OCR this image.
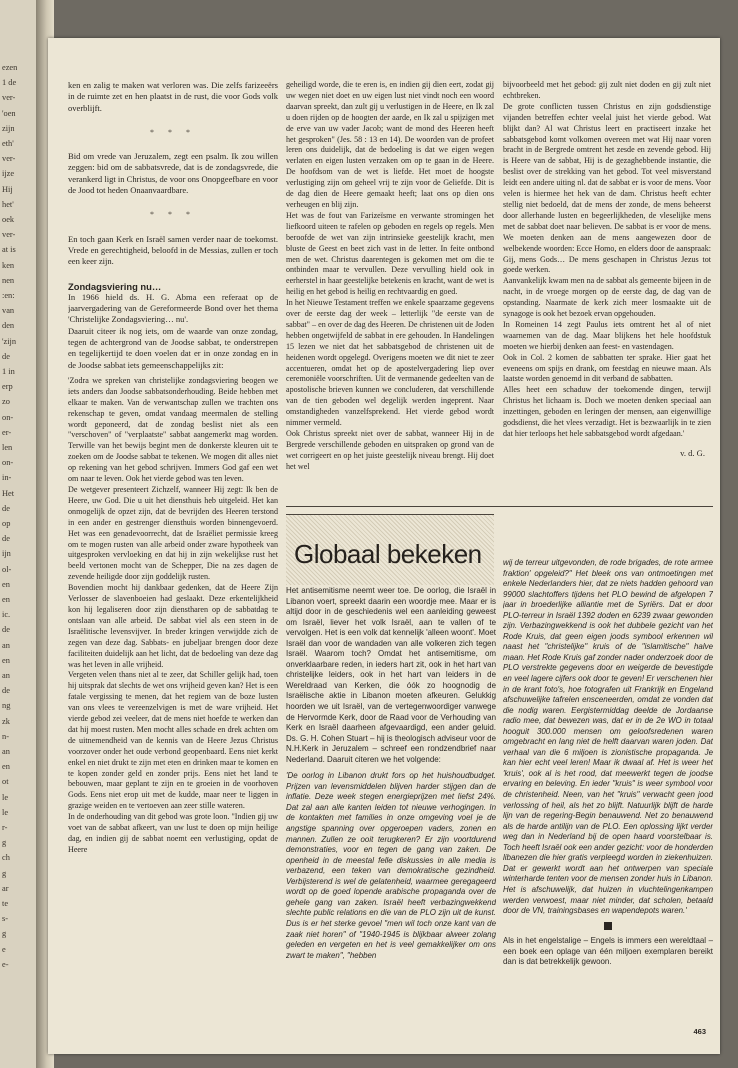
ezen
1 de
ver-
'oen
zijn
eth'
ver-
ijze
Hij
het'
oek
ver-
at is
ken
nen
:en:
van
den
'zijn
de
1 in
erp
zo
on-
er-
len
on-
in-
Het
de
op
de
ijn
ol-
en
en
ic.
de
an
en
an
de
ng
zk
n-
an
en
ot
le
le
r-
g
ch
g
ar
te
s-
g
e
e-

ken en zalig te maken wat verloren was. Die zelfs farizeeërs in de ruimte zet en hen plaatst in de rust, die voor Gods volk overblijft.

* * *

Bid om vrede van Jeruzalem, zegt een psalm. Ik zou willen zeggen: bid om de sabbatsvrede, dat is de zondagsvrede, die verankerd ligt in Christus, de voor ons Onopgeefbare en voor de Jood tot heden Onaanvaardbare.

* * *

En toch gaan Kerk en Israël samen verder naar de toekomst. Vrede en gerechtigheid, beloofd in de Messias, zullen er toch een keer zijn.

Zondagsviering nu…

In 1966 hield ds. H. G. Abma een referaat op de jaarvergadering van de Gereformeerde Bond over het thema 'Christelijke Zondagsviering… nu'.

Daaruit citeer ik nog iets, om de waarde van onze zondag, tegen de achtergrond van de Joodse sabbat, te onderstrepen en tegelijkertijd te doen voelen dat er in onze zondag en in de Joodse sabbat iets gemeenschappelijks zit:

'Zodra we spreken van christelijke zondagsviering beogen we iets anders dan Joodse sabbatsonderhouding. Beide hebben met elkaar te maken. Van de verwantschap zullen we trachten ons rekenschap te geven, omdat vandaag meermalen de stelling wordt geponeerd, dat de zondag beslist niet als een "verschoven" of "verplaatste" sabbat aangemerkt mag worden. Terwille van het bewijs begint men de donkerste kleuren uit te zoeken om de Joodse sabbat te tekenen. We mogen dit alles niet op rekening van het gebod schrijven. Immers God gaf een wet om naar te leven. Ook het vierde gebod was ten leven.

De wetgever presenteert Zichzelf, wanneer Hij zegt: Ik ben de Heere, uw God. Die u uit het diensthuis heb uitgeleid. Het kan onmogelijk de opzet zijn, dat de bevrijden des Heeren terstond in een ander en gestrenger diensthuis worden binnengevoerd. Het was een genadevoorrecht, dat de Israëliet permissie kreeg om te mogen rusten van alle arbeid onder zware hypotheek van uitgesproken vervloeking en dat hij in zijn wekelijkse rust het beeld vertonen mocht van de Schepper, Die na zes dagen de zevende heiligde door zijn goddelijk rusten.

Bovendien mocht hij dankbaar gedenken, dat de Heere Zijn Verlosser de slavenboeien had geslaakt. Deze erkentelijkheid kon hij legaliseren door zijn dienstharen op de sabbatdag te ontslaan van alle arbeid. De sabbat viel als een steen in de Israëlitische levensvijver. In breder kringen verwijdde zich de zegen van deze dag. Sabbats- en jubeljaar brengen door deze faciliteiten duidelijk aan het licht, dat de bedoeling van deze dag was het leven in alle vrijheid.

Vergeten velen thans niet al te zeer, dat Schiller gelijk had, toen hij uitsprak dat slechts de wet ons vrijheid geven kan? Het is een fatale vergissing te menen, dat het regiem van de boze lusten van ons vlees te vereenzelvigen is met de ware vrijheid. Het vierde gebod zei veeleer, dat de mens niet hoefde te werken dan dat hij moest rusten. Men mocht alles schade en drek achten om de uitnemendheid van de kennis van de Heere Jezus Christus voorzover onder het oude verbond geopenbaard. Eens niet kerkt enkel en niet drukt te zijn met eten en drinken maar te komen en te kopen zonder geld en zonder prijs. Eens niet het land te bebouwen, maar geplant te zijn en te groeien in de voorhoven Gods. Eens niet erop uit met de kudde, maar neer te liggen in grazige weiden en te vertoeven aan zeer stille wateren.

In de onderhouding van dit gebod was grote loon. "Indien gij uw voet van de sabbat afkeert, van uw lust te doen op mijn heilige dag, en indien gij de sabbat noemt een verlustiging, opdat de Heere

geheiligd worde, die te eren is, en indien gij dien eert, zodat gij uw wegen niet doet en uw eigen lust niet vindt noch een woord daarvan spreekt, dan zult gij u verlustigen in de Heere, en Ik zal u doen rijden op de hoogten der aarde, en Ik zal u spijzigen met de erve van uw vader Jacob; want de mond des Heeren heeft het gesproken" (Jes. 58 : 13 en 14). De woorden van de profeet leren ons duidelijk, dat de bedoeling is dat we eigen wegen verlaten en eigen lusten verzaken om op te gaan in de Heere. De hoofdsom van de wet is liefde. Het moet de hoogste verlustiging zijn om geheel vrij te zijn voor de Geliefde. Dit is de dag dien de Heere gemaakt heeft; laat ons op dien ons verheugen en blij zijn.

Het was de fout van Farizeïsme en verwante stromingen het liefkoord uiteen te rafelen op geboden en regels op regels. Men beroofde de wet van zijn intrinsieke geestelijk kracht, men bluste de Geest en beet zich vast in de letter. In feite ontbond men de wet. Christus daarentegen is gekomen met om die te ontbinden maar te vervullen. Deze vervulling hield ook in eerherstel in haar geestelijke betekenis en kracht, want de wet is heilig en het gebod is heilig en rechtvaardig en goed.

In het Nieuwe Testament treffen we enkele spaarzame gegevens over de eerste dag der week – letterlijk "de eerste van de sabbat" – en over de dag des Heeren. De christenen uit de Joden hebben ongetwijfeld de sabbat in ere gehouden. In Handelingen 15 lezen we niet dat het sabbatsgebod de christenen uit de heidenen wordt opgelegd. Overigens moeten we dit niet te zeer accentueren, omdat het op de apostelvergadering liep over ceremoniële voorschriften. Uit de vermanende gedeelten van de apostolische brieven kunnen we concluderen, dat verschillende van de tien geboden wel degelijk werden ingeprent. Naar omstandigheden vanzelfsprekend. Het vierde gebod wordt nimmer vermeld.

Ook Christus spreekt niet over de sabbat, wanneer Hij in de Bergrede verschillende geboden en uitspraken op grond van de wet corrigeert en op het juiste geestelijk niveau brengt. Hij doet het wel

bijvoorbeeld met het gebod: gij zult niet doden en gij zult niet echtbreken.

De grote conflicten tussen Christus en zijn godsdienstige vijanden betreffen echter veelal juist het vierde gebod. Wat blijkt dan? Al wat Christus leert en practiseert inzake het sabbatsgebod komt volkomen overeen met wat Hij naar voren bracht in de Bergrede omtrent het zesde en zevende gebod. Hij is Heere van de sabbat, Hij is de gezaghebbende instantie, die beslist over de strekking van het gebod. Tot veel misverstand leidt een andere uiting nl. dat de sabbat er is voor de mens. Voor velen is hiermee het hek van de dam. Christus heeft echter stellig niet bedoeld, dat de mens der zonde, de mens beheerst door allerhande lusten en begeerlijkheden, de vleselijke mens met de sabbat doet naar believen. De sabbat is er voor de mens. We moeten denken aan de mens aangewezen door de welbekende woorden: Ecce Homo, en elders door de aanspraak: Gij, mens Gods… De mens geschapen in Christus Jezus tot goede werken.

Aanvankelijk kwam men na de sabbat als gemeente bijeen in de nacht, in de vroege morgen op de eerste dag, de dag van de opstanding. Naarmate de kerk zich meer losmaakte uit de synagoge is ook het bezoek ervan opgehouden.

In Romeinen 14 zegt Paulus iets omtrent het al of niet waarnemen van de dag. Maar blijkens het hele hoofdstuk moeten we hierbij denken aan feest- en vastendagen.

Ook in Col. 2 komen de sabbatten ter sprake. Hier gaat het eveneens om spijs en drank, om feestdag en nieuwe maan. Als laatste worden genoemd in dit verband de sabbatten.

Alles heet een schaduw der toekomende dingen, terwijl Christus het lichaam is. Doch we moeten denken speciaal aan inzettingen, geboden en leringen der mensen, aan eigenwillige godsdienst, die het vlees verzadigt. Het is bezwaarlijk in te zien dat hier terloops het hele sabbatsgebod wordt afgedaan.'

v. d. G.
Globaal bekeken

Het antisemitisme neemt weer toe. De oorlog, die Israël in Libanon voert, spreekt daarin een woordje mee. Maar er is altijd door in de geschiedenis wel een aanleiding geweest om Israël, liever het volk Israël, aan te vallen of te vervolgen. Het is een volk dat kennelijk 'alleen woont'. Moet Israël dan voor de wandaden van alle volkeren zich tegen Israël. Waarom toch? Omdat het antisemitisme, om onverklaarbare reden, in ieders hart zit, ook in het hart van christelijke leiders, ook in het hart van leiders in de Wereldraad van Kerken, die óók zo hoognodig de Israëlische aktie in Libanon moeten afkeuren. Gelukkig hoorden we uit Israël, van de vertegenwoordiger vanwege de Hervormde Kerk, door de Raad voor de Verhouding van Kerk en Israël daarheen afgevaardigd, een ander geluid. Ds. G. H. Cohen Stuart – hij is theologisch adviseur voor de N.H.Kerk in Jeruzalem – schreef een rondzendbrief naar Nederland. Daaruit citeren we het volgende:

'De oorlog in Libanon drukt fors op het huishoudbudget. Prijzen van levensmiddelen blijven harder stijgen dan de inflatie. Deze week stegen energieprijzen met liefst 24%. Dat zal aan alle kanten leiden tot nieuwe verhogingen. In de kontakten met families in onze omgeving voel je de angstige spanning over opgeroepen vaders, zonen en mannen. Zullen ze ooit terugkeren? Er zijn voortdurend demonstraties, voor en tegen de gang van zaken. De openheid in de meestal felle diskussies in alle media is verbazend, een teken van demokratische gezindheid. Verbijsterend is wel de gelatenheid, waarmee geregageerd wordt op de goed lopende arabische propaganda over de gehele gang van zaken. Israël heeft verbazingwekkend slechte public relations en die van de PLO zijn uit de kunst. Dus is er het sterke gevoel "men wil toch onze kant van de zaak niet horen" of "1940-1945 is blijkbaar alweer zolang geleden en vergeten en het is veel gemakkelijker om ons zwart te maken", "hebben

wij de terreur uitgevonden, de rode brigades, de rote armee fraktion' opgeleid?" Het bleek ons van ontmoetingen met enkele Nederlanders hier, dat ze niets hadden gehoord van 99000 slachtoffers tijdens het PLO bewind de afgelopen 7 jaar in broederlijke alliantie met de Syriërs. Dat er door PLO-terreur in Israël 1392 doden en 6239 zwaar gewonden zijn. Verbazingwekkend is ook het dubbele gezicht van het Rode Kruis, dat geen eigen joods symbool erkennen wil naast het "christelijke" kruis of de "islamitische" halve maan. Het Rode Kruis gaf zonder nader onderzoek door de PLO verstrekte gegevens door en weigerde de bevestigde en veel lagere cijfers ook door te geven! Er verschenen hier in de krant foto's, hoe fotografen uit Frankrijk en Engeland afschuwelijke tafrelen ensceneerden, omdat ze vonden dat die nodig waren. Eergistermiddag deelde de Jordaanse radio mee, dat bewezen was, dat er in de 2e WO in totaal hooguit 300.000 mensen om geloofsredenen waren omgebracht en lang niet de helft daarvan waren joden. Dat verhaal van die 6 miljoen is zionistische propaganda. Je kan hier echt veel leren! Maar ik dwaal af. Het is weer het 'kruis', ook al is het rood, dat meewerkt tegen de joodse ervaring en beleving. En ieder "kruis" is weer symbool voor de christenheid. Neen, van het "kruis" verwacht geen jood verlossing of heil, als het zo blijft. Natuurlijk blijft de harde lijn van de regering-Begin benauwend. Net zo benauwend als de harde antilijn van de PLO. Een oplossing lijkt verder weg dan in Nederland bij de open haard voorstelbaar is. Toch heeft Israël ook een ander gezicht: voor de honderden libanezen die hier gratis verpleegd worden in ziekenhuizen. Dat er gewerkt wordt aan het ontwerpen van speciale winterharde tenten voor de mensen zonder huis in Libanon. Het is afschuwelijk, dat huizen in vluchtelingenkampen werden verwoest, maar niet minder, dat scholen, betaald door de VN, trainingsbases en wapendepots waren.'

Als in het engelstalige – Engels is immers een wereldtaal – een boek een oplage van één miljoen exemplaren bereikt dan is dat betrekkelijk gewoon.

463
